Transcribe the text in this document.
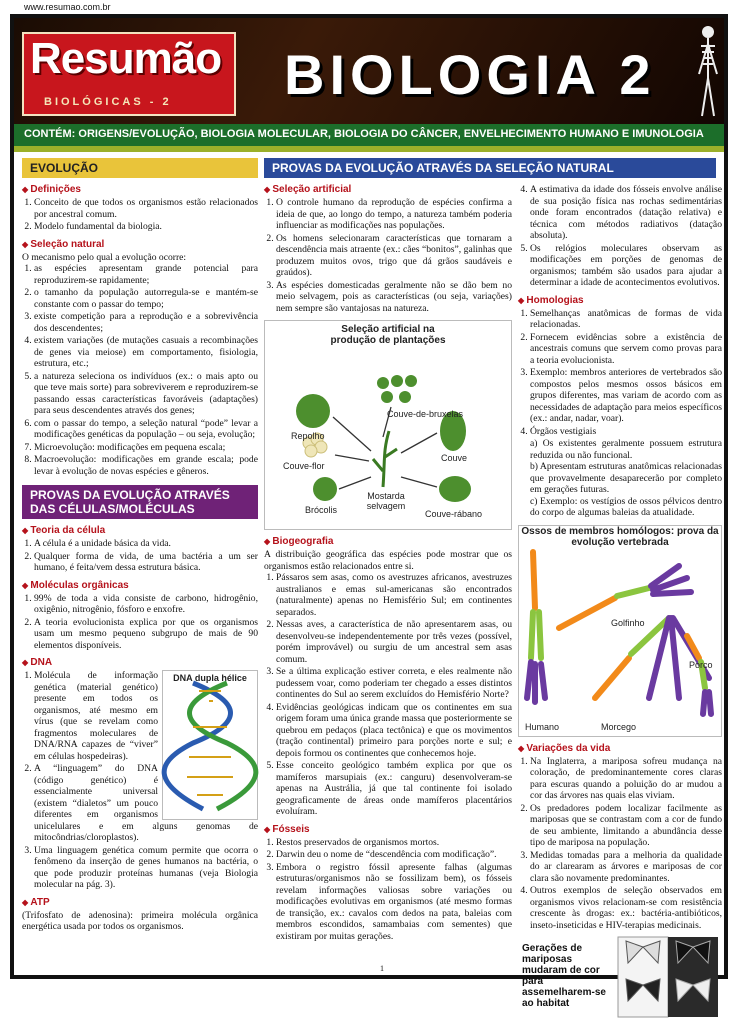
www.resumao.com.br
Resumão
BIOLÓGICAS - 2 BIOLOGIA 2
CONTÉM: ORIGENS/EVOLUÇÃO, BIOLOGIA MOLECULAR, BIOLOGIA DO CÂNCER, ENVELHECIMENTO HUMANO E IMUNOLOGIA
EVOLUÇÃO
◆ Definições
1. Conceito de que todos os organismos estão relacionados por ancestral comum.
2. Modelo fundamental da biologia.
◆ Seleção natural

O mecanismo pelo qual a evolução ocorre:

1. as espécies apresentam grande potencial para reproduzirem-se rapidamente;
2. o tamanho da população autorregula-se e mantém-se constante com o passar do tempo;
3. existe competição para a reprodução e a sobrevivência dos descendentes;
4. existem variações (de mutações casuais a recombinações de genes via meiose) em comportamento, fisiologia, estrutura, etc.;
5. a natureza seleciona os indivíduos (ex.: o mais apto ou que teve mais sorte) para sobreviverem e reproduzirem-se passando essas características favoráveis (adaptações) para seus descendentes através dos genes;
6. com o passar do tempo, a seleção natural “pode” levar a modificações genéticas da população – ou seja, evolução;
7. Microevolução: modificações em pequena escala;
8. Macroevolução: modificações em grande escala; pode levar à evolução de novas espécies e gêneros.
PROVAS DA EVOLUÇÃO ATRAVÉS DAS CÉLULAS/MOLÉCULAS
◆ Teoria da célula
1. A célula é a unidade básica da vida.
2. Qualquer forma de vida, de uma bactéria a um ser humano, é feita/vem dessa estrutura básica.
◆ Moléculas orgânicas
1. 99% de toda a vida consiste de carbono, hidrogênio, oxigênio, nitrogênio, fósforo e enxofre.
2. A teoria evolucionista explica por que os organismos usam um mesmo pequeno subgrupo de mais de 90 elementos disponíveis.
◆ DNA
DNA dupla hélice
1. Molécula de informação genética (material genético) presente em todos os organismos, até mesmo em vírus (que se revelam como fragmentos moleculares de DNA/RNA capazes de “viver” em células hospedeiras).
2. A “linguagem” do DNA (código genético) é essencialmente universal (existem “dialetos” um pouco diferentes em organismos unicelulares e em alguns genomas de mitocôndrias/cloroplastos).
3. Uma linguagem genética comum permite que ocorra o fenômeno da inserção de genes humanos na bactéria, o que pode produzir proteínas humanas (veja Biologia molecular na pág. 3).
◆ ATP

(Trifosfato de adenosina): primeira molécula orgânica energética usada por todos os organismos.

PROVAS DA EVOLUÇÃO ATRAVÉS DA SELEÇÃO NATURAL
◆ Seleção artificial
1. O controle humano da reprodução de espécies confirma a ideia de que, ao longo do tempo, a natureza também poderia influenciar as modificações nas populações.
2. Os homens selecionaram características que tornaram a descendência mais atraente (ex.: cães “bonitos”, galinhas que produzem muitos ovos, trigo que dá grãos saudáveis e graúdos).
3. As espécies domesticadas geralmente não se dão bem no meio selvagem, pois as características (ou seja, variações) nem sempre são vantajosas na natureza.
Seleção artificial na produção de plantações
Repolho
Couve-de-bruxelas
Couve-flor
Couve
Brócolis
Mostarda selvagem
Couve-rábano
◆ Biogeografia

A distribuição geográfica das espécies pode mostrar que os organismos estão relacionados entre si.

1. Pássaros sem asas, como os avestruzes africanos, avestruzes australianos e emas sul-americanas são encontrados (naturalmente) apenas no Hemisfério Sul; em continentes separados.
2. Nessas aves, a característica de não apresentarem asas, ou desenvolveu-se independentemente por três vezes (possível, porém improvável) ou surgiu de um ancestral sem asas comum.
3. Se a última explicação estiver correta, e eles realmente não pudessem voar, como poderiam ter chegado a esses distintos continentes do Sul ao serem excluídos do Hemisfério Norte?
4. Evidências geológicas indicam que os continentes em sua origem foram uma única grande massa que posteriormente se quebrou em pedaços (placa tectônica) e que os movimentos (tração continental) primeiro para porções norte e sul; e depois formou os continentes que conhecemos hoje.
5. Esse conceito geológico também explica por que os mamíferos marsupiais (ex.: canguru) desenvolveram-se apenas na Austrália, já que tal continente foi isolado geograficamente de áreas onde mamíferos placentários evoluíram.
◆ Fósseis
1. Restos preservados de organismos mortos.
2. Darwin deu o nome de “descendência com modificação”.
3. Embora o registro fóssil apresente falhas (algumas estruturas/organismos não se fossilizam bem), os fósseis revelam informações valiosas sobre variações ou modificações evolutivas em organismos (até mesmo formas de transição, ex.: cavalos com dedos na pata, baleias com membros escondidos, samambaias com sementes) que existiram por muitas gerações.
4. A estimativa da idade dos fósseis envolve análise de sua posição física nas rochas sedimentárias onde foram encontrados (datação relativa) e técnica com métodos radiativos (datação absoluta).
5. Os relógios moleculares observam as modificações em porções de genomas de organismos; também são usados para ajudar a determinar a idade de acontecimentos evolutivos.
◆ Homologias
1. Semelhanças anatômicas de formas de vida relacionadas.
2. Fornecem evidências sobre a existência de ancestrais comuns que servem como provas para a teoria evolucionista.
3. Exemplo: membros anteriores de vertebrados são compostos pelos mesmos ossos básicos em grupos diferentes, mas variam de acordo com as necessidades de adaptação para meios específicos (ex.: andar, nadar, voar).
4. Órgãos vestigiais

a) Os existentes geralmente possuem estrutura reduzida ou não funcional.

b) Apresentam estruturas anatômicas relacionadas que provavelmente desaparecerão por completo em gerações futuras.

c) Exemplo: os vestígios de ossos pélvicos dentro do corpo de algumas baleias da atualidade.

Ossos de membros homólogos: prova da evolução vertebrada
Golfinho
Porco
Humano	Morcego
◆ Variações da vida
1. Na Inglaterra, a mariposa sofreu mudança na coloração, de predominantemente cores claras para escuras quando a poluição do ar mudou a cor das árvores nas quais elas viviam.
2. Os predadores podem localizar facilmente as mariposas que se contrastam com a cor de fundo de seu ambiente, limitando a abundância desse tipo de mariposa na população.
3. Medidas tomadas para a melhoria da qualidade do ar clarearam as árvores e mariposas de cor clara são novamente predominantes.
4. Outros exemplos de seleção observados em organismos vivos relacionam-se com resistência crescente às drogas: ex.: bactéria-antibióticos, inseto-inseticidas e HIV-terapias medicinais.
Gerações de mariposas mudaram de cor para assemelharem-se ao habitat
1
